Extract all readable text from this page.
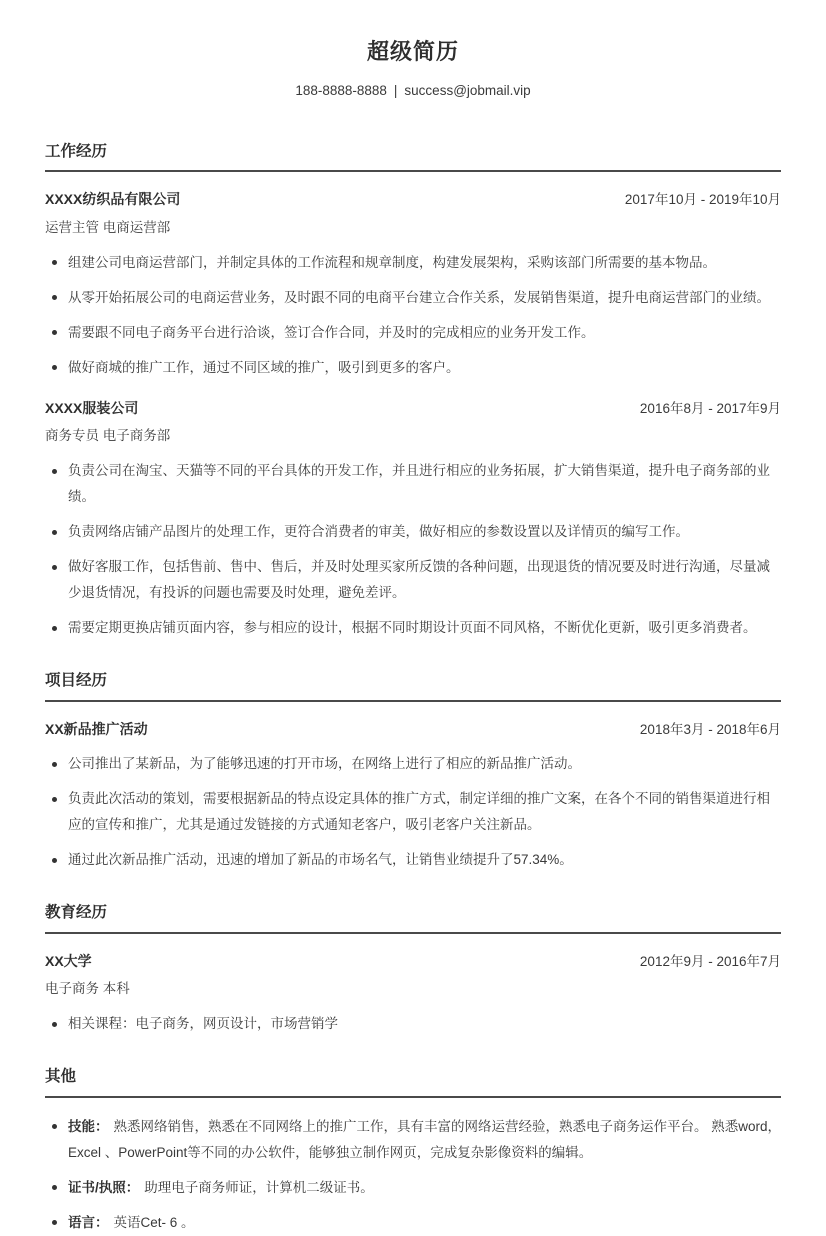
超级简历

188-8888-8888 | success@jobmail.vip

工作经历
XXXX纺织品有限公司	2017年10月 - 2019年10月
运营主管 电商运营部
组建公司电商运营部门，并制定具体的工作流程和规章制度，构建发展架构，采购该部门所需要的基本物品。
从零开始拓展公司的电商运营业务，及时跟不同的电商平台建立合作关系，发展销售渠道，提升电商运营部门的业绩。
需要跟不同电子商务平台进行洽谈，签订合作合同，并及时的完成相应的业务开发工作。
做好商城的推广工作，通过不同区域的推广，吸引到更多的客户。
XXXX服装公司	2016年8月 - 2017年9月
商务专员 电子商务部
负责公司在淘宝、天猫等不同的平台具体的开发工作，并且进行相应的业务拓展，扩大销售渠道，提升电子商务部的业绩。
负责网络店铺产品图片的处理工作，更符合消费者的审美，做好相应的参数设置以及详情页的编写工作。
做好客服工作，包括售前、售中、售后，并及时处理买家所反馈的各种问题，出现退货的情况要及时进行沟通，尽量减少退货情况，有投诉的问题也需要及时处理，避免差评。
需要定期更换店铺页面内容，参与相应的设计，根据不同时期设计页面不同风格，不断优化更新，吸引更多消费者。
项目经历
XX新品推广活动	2018年3月 - 2018年6月
公司推出了某新品，为了能够迅速的打开市场，在网络上进行了相应的新品推广活动。
负责此次活动的策划，需要根据新品的特点设定具体的推广方式，制定详细的推广文案，在各个不同的销售渠道进行相应的宣传和推广，尤其是通过发链接的方式通知老客户，吸引老客户关注新品。
通过此次新品推广活动，迅速的增加了新品的市场名气，让销售业绩提升了57.34%。
教育经历
XX大学	2012年9月 - 2016年7月
电子商务 本科
相关课程：电子商务，网页设计，市场营销学
其他
技能： 熟悉网络销售，熟悉在不同网络上的推广工作，具有丰富的网络运营经验，熟悉电子商务运作平台。 熟悉word，Excel 、PowerPoint等不同的办公软件，能够独立制作网页，完成复杂影像资料的编辑。
证书/执照： 助理电子商务师证，计算机二级证书。
语言： 英语Cet- 6 。
